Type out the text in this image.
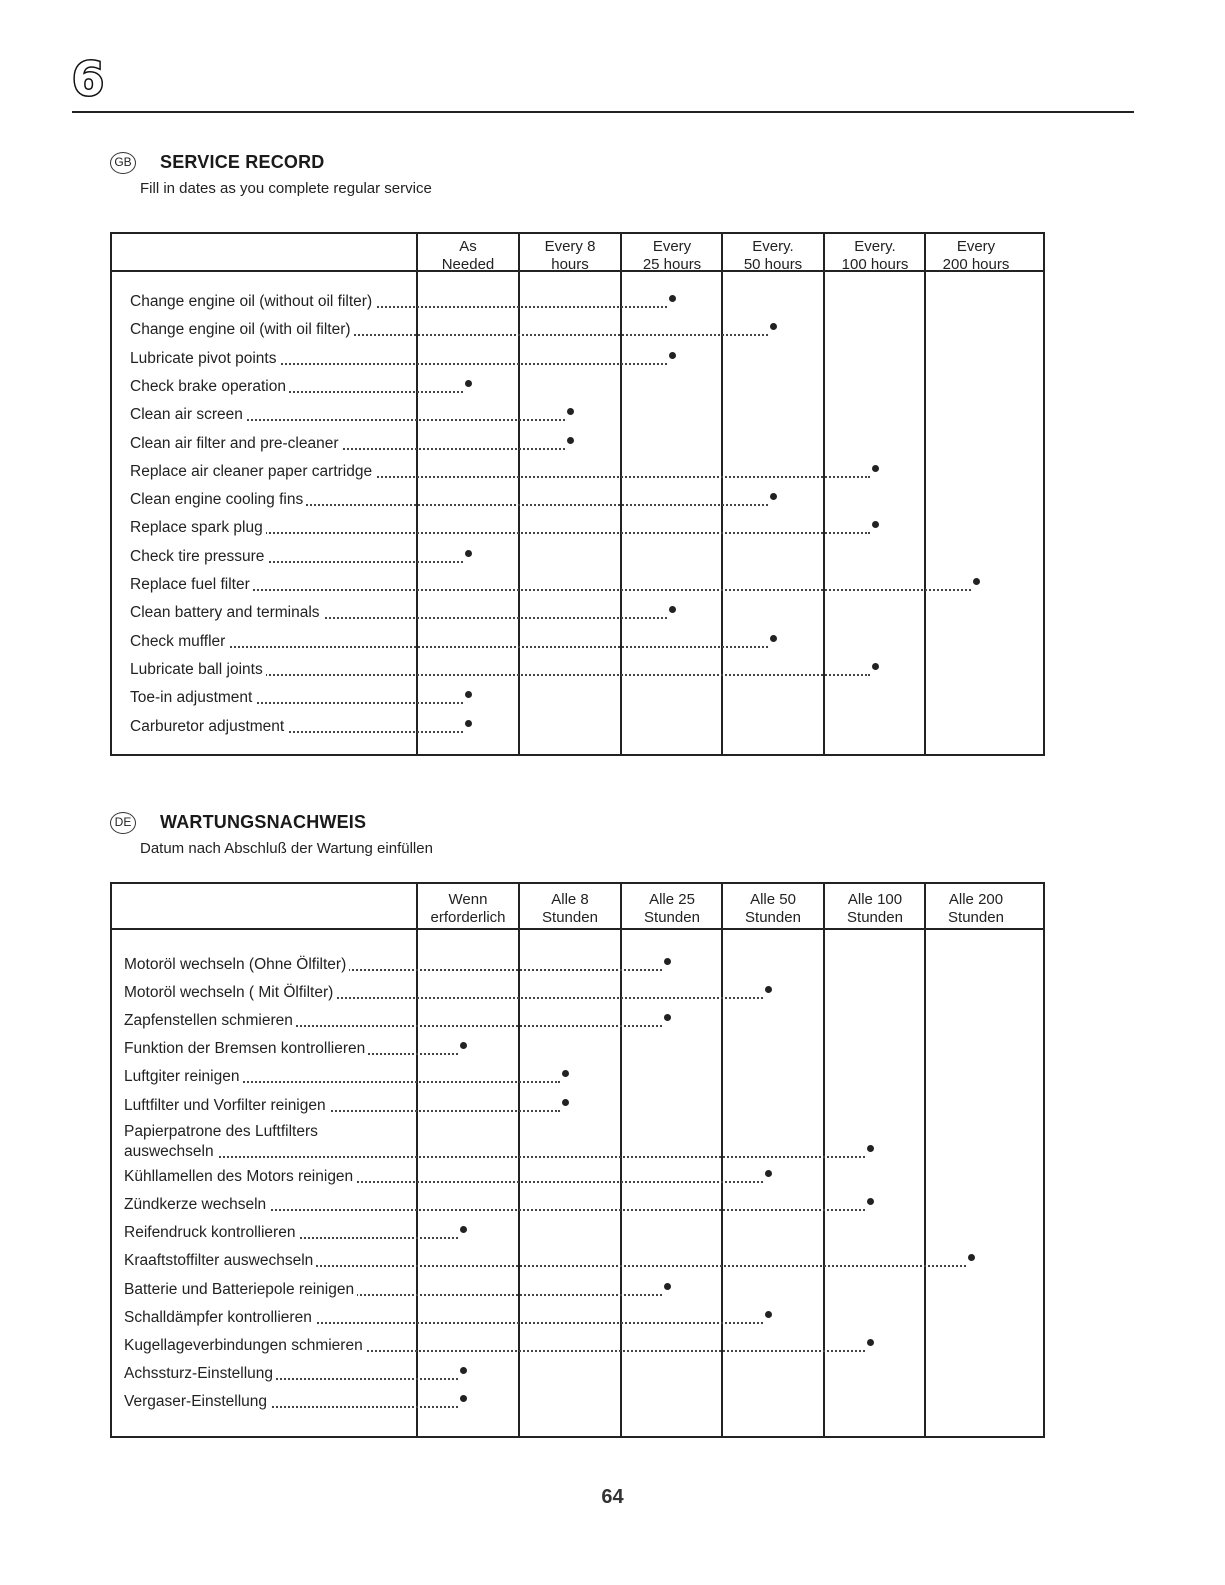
6
GB SERVICE RECORD
Fill in dates as you complete regular service
As
Needed
Every 8
hours
Every
25 hours
Every.
50 hours
Every.
100 hours
Every
200 hours
Change engine oil (without oil filter)
Change engine oil (with oil filter)
Lubricate pivot points
Check brake operation
Clean air screen
Clean air filter and pre-cleaner
Replace air cleaner paper cartridge
Clean engine cooling fins
Replace spark plug
Check tire pressure
Replace fuel filter
Clean battery and terminals
Check muffler
Lubricate ball joints
Toe-in adjustment
Carburetor adjustment
DE WARTUNGSNACHWEIS
Datum nach Abschluß der Wartung einfüllen
Wenn
erforderlich
Alle 8
Stunden
Alle 25
Stunden
Alle 50
Stunden
Alle 100
Stunden
Alle 200
Stunden
Motoröl wechseln (Ohne Ölfilter)
Motoröl wechseln ( Mit Ölfilter)
Zapfenstellen schmieren
Funktion der Bremsen kontrollieren
Luftgiter reinigen
Luftfilter und Vorfilter reinigen
Papierpatrone des Luftfilters
auswechseln
Kühllamellen des Motors reinigen
Zündkerze wechseln
Reifendruck kontrollieren
Kraaftstoffilter auswechseln
Batterie und Batteriepole reinigen
Schalldämpfer kontrollieren
Kugellageverbindungen schmieren
Achssturz-Einstellung
Vergaser-Einstellung
64
